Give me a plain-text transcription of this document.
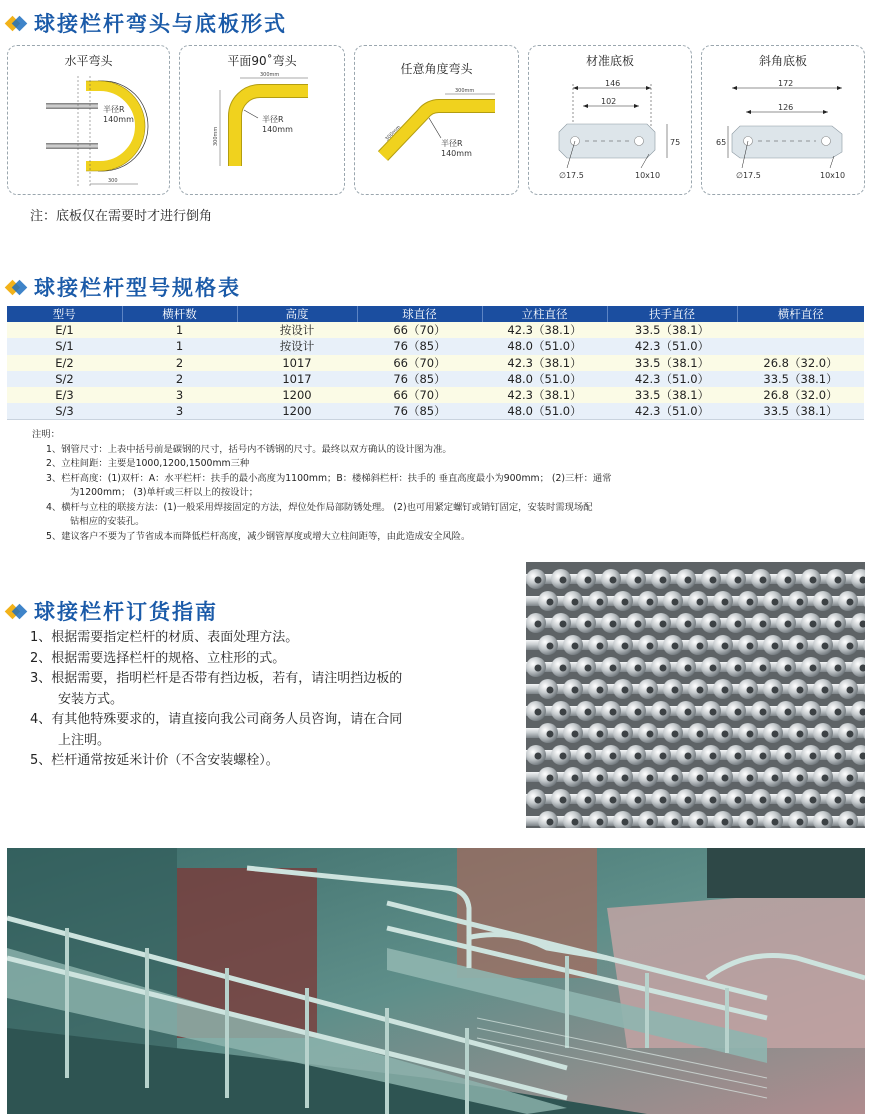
球接栏杆弯头与底板形式
水平弯头
300
半径R
140mm
平面90˚弯头
300mm
300mm
半径R
140mm
任意角度弯头
300mm
300mm
半径R
140mm
材准底板
146
102
75
∅17.5	10x10
斜角底板
172
126
65
∅17.5	10x10
注：底板仅在需要时才进行倒角
球接栏杆型号规格表
型号	横杆数	高度	球直径	立柱直径	扶手直径	横杆直径
E/1	1	按设计	66（70）	42.3（38.1）	33.5（38.1）	
S/1	1	按设计	76（85）	48.0（51.0）	42.3（51.0）	
E/2	2	1017	66（70）	42.3（38.1）	33.5（38.1）	26.8（32.0）
S/2	2	1017	76（85）	48.0（51.0）	42.3（51.0）	33.5（38.1）
E/3	3	1200	66（70）	42.3（38.1）	33.5（38.1）	26.8（32.0）
S/3	3	1200	76（85）	48.0（51.0）	42.3（51.0）	33.5（38.1）
注明：
1、钢管尺寸：上表中括号前是碳钢的尺寸，括号内不锈钢的尺寸。最终以双方确认的设计图为准。
2、立柱间距：主要是1000,1200,1500mm三种
3、栏杆高度：(1)双杆：A：水平栏杆：扶手的最小高度为1100mm；B：楼梯斜栏杆：扶手的 垂直高度最小为900mm； (2)三杆：通常
为1200mm； (3)单杆或三杆以上的按设计；
4、横杆与立柱的联接方法：(1)一般采用焊接固定的方法，焊位处作局部防锈处理。 (2)也可用紧定螺钉或销钉固定，安装时需现场配
钻相应的安装孔。
5、建议客户不要为了节省成本而降低栏杆高度，减少钢管厚度或增大立柱间距等，由此造成安全风险。
球接栏杆订货指南
1、根据需要指定栏杆的材质、表面处理方法。
2、根据需要选择栏杆的规格、立柱形的式。
3、根据需要，指明栏杆是否带有挡边板，若有，请注明挡边板的
安装方式。
4、有其他特殊要求的，请直接向我公司商务人员咨询，请在合同
上注明。
5、栏杆通常按延米计价（不含安装螺栓）。
